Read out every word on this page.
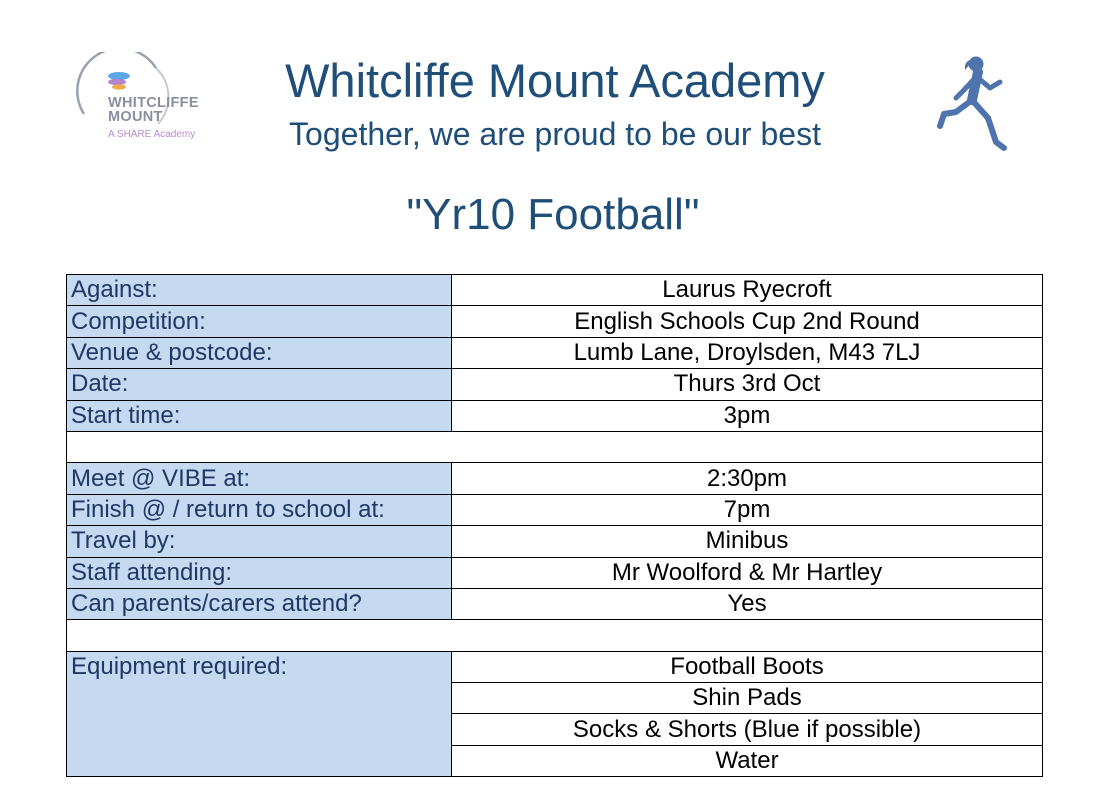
WHITCLIFFE
MOUNT
A SHARE Academy
Whitcliffe Mount Academy
Together, we are proud to be our best
"Yr10 Football"
Against:	Laurus Ryecroft
Competition:	English Schools Cup 2nd Round
Venue & postcode:	Lumb Lane, Droylsden, M43 7LJ
Date:	Thurs 3rd Oct
Start time:	3pm

Meet @ VIBE at:	2:30pm
Finish @ / return to school at:	7pm
Travel by:	Minibus
Staff attending:	Mr Woolford & Mr Hartley
Can parents/carers attend?	Yes

Equipment required:	Football Boots
	Shin Pads
	Socks & Shorts (Blue if possible)
	Water
